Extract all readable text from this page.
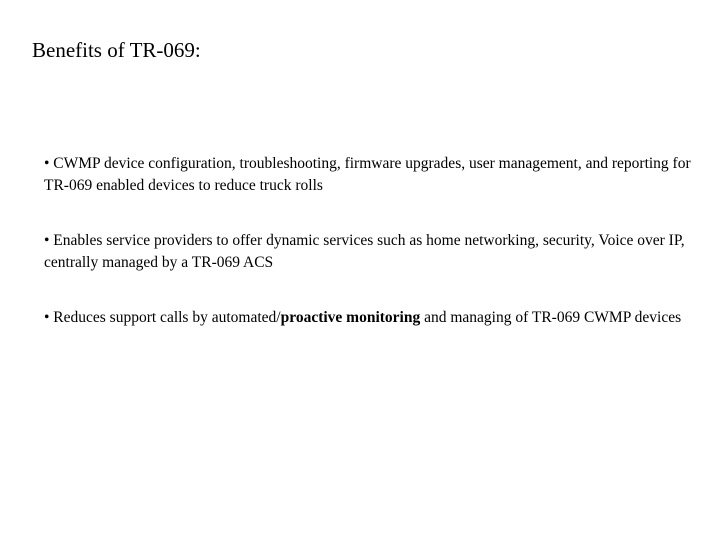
Benefits of TR-069:
• CWMP device configuration, troubleshooting, firmware upgrades, user management, and reporting for TR-069 enabled devices to reduce truck rolls
• Enables service providers to offer dynamic services such as home networking, security, Voice over IP, centrally managed by a TR-069 ACS
• Reduces support calls by automated/proactive monitoring and managing of TR-069 CWMP devices
